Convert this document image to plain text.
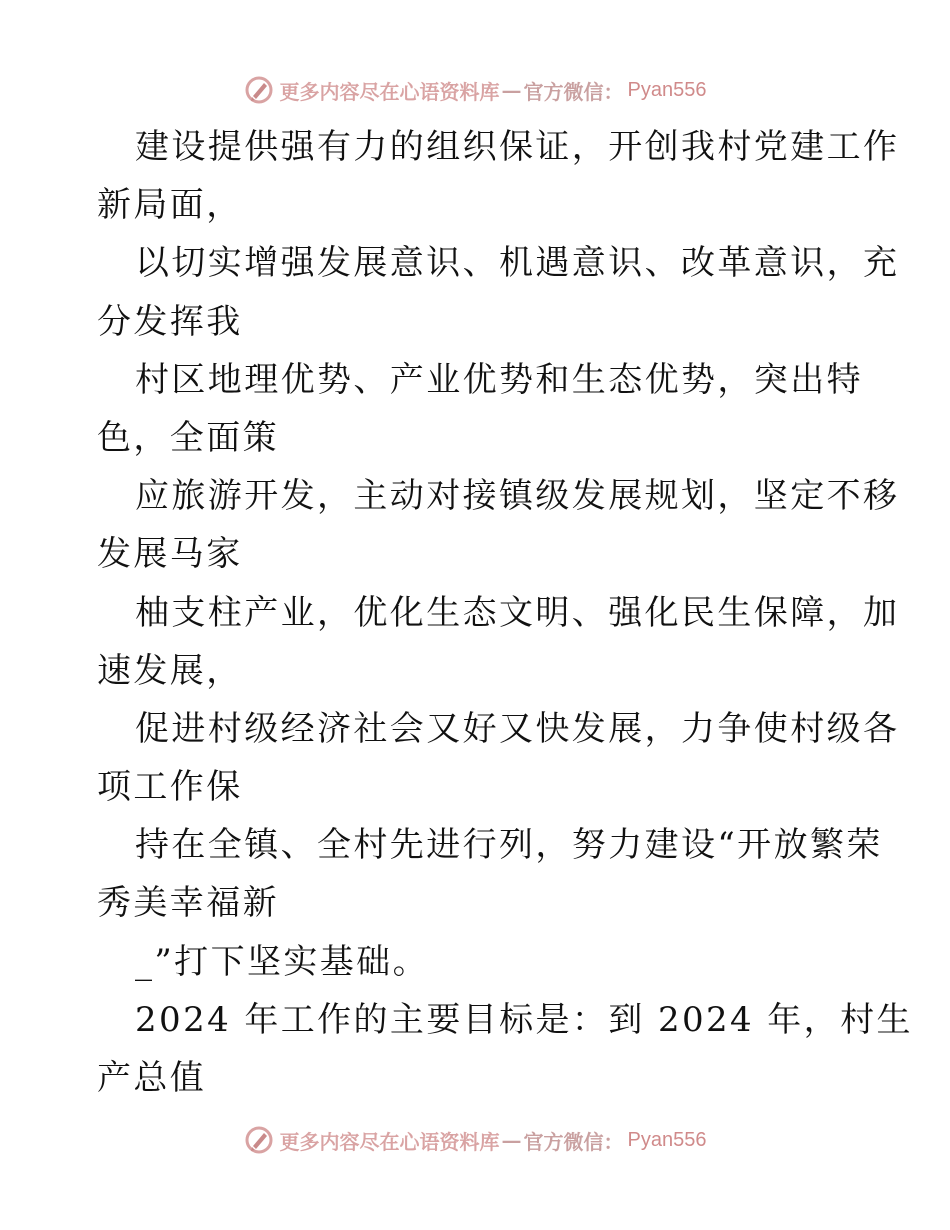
更多内容尽在心语资料库 — 官方微信： Pyan556
建设提供强有力的组织保证，开创我村党建工作
新局面，
以切实增强发展意识、机遇意识、改革意识，充
分发挥我
村区地理优势、产业优势和生态优势，突出特
色，全面策
应旅游开发，主动对接镇级发展规划，坚定不移
发展马家
柚支柱产业，优化生态文明、强化民生保障，加
速发展，
促进村级经济社会又好又快发展，力争使村级各
项工作保
持在全镇、全村先进行列，努力建设“开放繁荣
秀美幸福新
_”打下坚实基础。
2024 年工作的主要目标是：到 2024 年，村生
产总值
更多内容尽在心语资料库 — 官方微信： Pyan556
